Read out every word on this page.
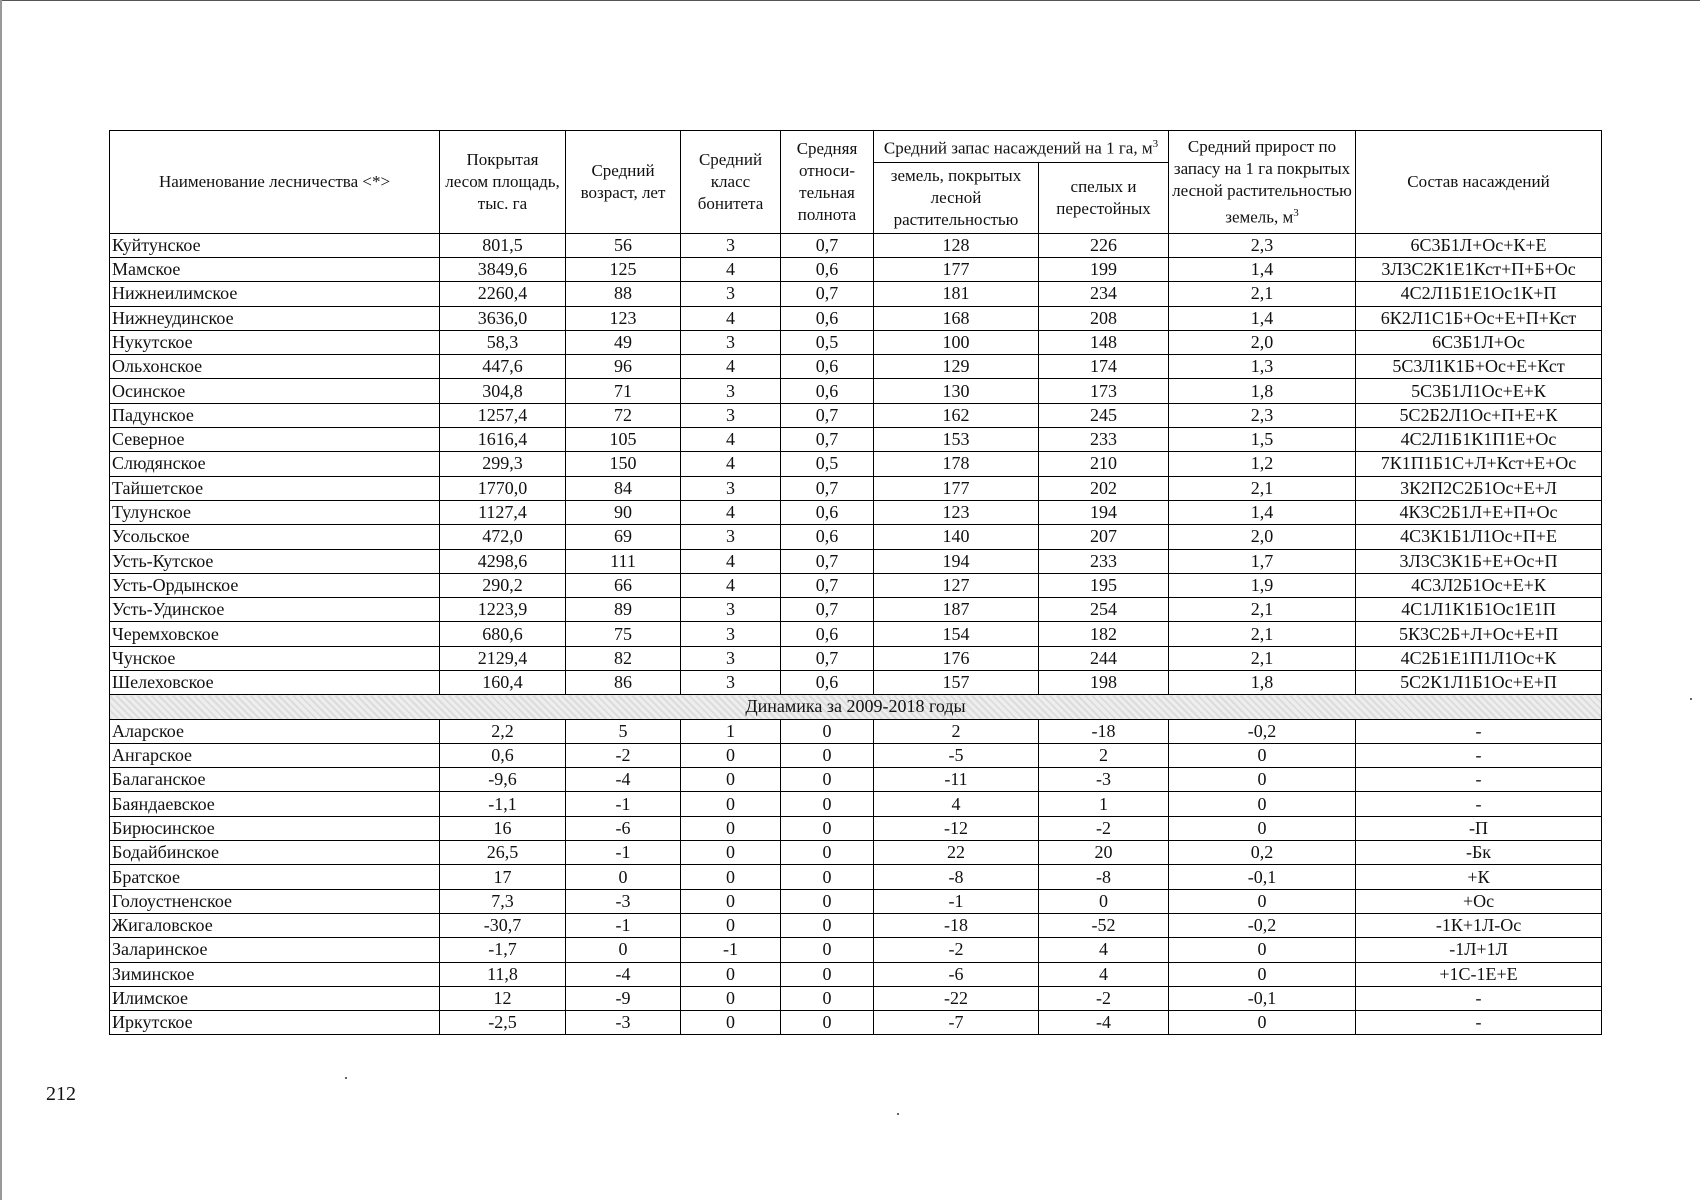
Наименование лесничества <*>	Покрытая лесом площадь, тыс. га	Средний возраст, лет	Средний класс бонитета	Средняя относи-тельная полнота	Средний запас насаждений на 1 га, $м^3$		Средний прирост по запасу на 1 га покрытых лесной растительностью земель, $м^3$	Состав насаждений
					земель, покрытых лесной растительностью	спелых и перестойных		
Куйтунское	801,5	56	3	0,7	128	226	2,3	6С3Б1Л+Ос+К+Е
Мамское	3849,6	125	4	0,6	177	199	1,4	3Л3С2К1Е1Кст+П+Б+Ос
Нижнеилимское	2260,4	88	3	0,7	181	234	2,1	4С2Л1Б1Е1Ос1К+П
Нижнеудинское	3636,0	123	4	0,6	168	208	1,4	6К2Л1С1Б+Ос+Е+П+Кст
Нукутское	58,3	49	3	0,5	100	148	2,0	6С3Б1Л+Ос
Ольхонское	447,6	96	4	0,6	129	174	1,3	5С3Л1К1Б+Ос+Е+Кст
Осинское	304,8	71	3	0,6	130	173	1,8	5С3Б1Л1Ос+Е+К
Падунское	1257,4	72	3	0,7	162	245	2,3	5С2Б2Л1Ос+П+Е+К
Северное	1616,4	105	4	0,7	153	233	1,5	4С2Л1Б1К1П1Е+Ос
Слюдянское	299,3	150	4	0,5	178	210	1,2	7К1П1Б1С+Л+Кст+Е+Ос
Тайшетское	1770,0	84	3	0,7	177	202	2,1	3К2П2С2Б1Ос+Е+Л
Тулунское	1127,4	90	4	0,6	123	194	1,4	4К3С2Б1Л+Е+П+Ос
Усольское	472,0	69	3	0,6	140	207	2,0	4С3К1Б1Л1Ос+П+Е
Усть-Кутское	4298,6	111	4	0,7	194	233	1,7	3Л3С3К1Б+Е+Ос+П
Усть-Ордынское	290,2	66	4	0,7	127	195	1,9	4С3Л2Б1Ос+Е+К
Усть-Удинское	1223,9	89	3	0,7	187	254	2,1	4С1Л1К1Б1Ос1Е1П
Черемховское	680,6	75	3	0,6	154	182	2,1	5К3С2Б+Л+Ос+Е+П
Чунское	2129,4	82	3	0,7	176	244	2,1	4С2Б1Е1П1Л1Ос+К
Шелеховское	160,4	86	3	0,6	157	198	1,8	5С2К1Л1Б1Ос+Е+П
Динамика за 2009-2018 годы								
Аларское	2,2	5	1	0	2	-18	-0,2	-
Ангарское	0,6	-2	0	0	-5	2	0	-
Балаганское	-9,6	-4	0	0	-11	-3	0	-
Баяндаевское	-1,1	-1	0	0	4	1	0	-
Бирюсинское	16	-6	0	0	-12	-2	0	-П
Бодайбинское	26,5	-1	0	0	22	20	0,2	-Бк
Братское	17	0	0	0	-8	-8	-0,1	+К
Голоустненское	7,3	-3	0	0	-1	0	0	+Ос
Жигаловское	-30,7	-1	0	0	-18	-52	-0,2	-1К+1Л-Ос
Заларинское	-1,7	0	-1	0	-2	4	0	-1Л+1Л
Зиминское	11,8	-4	0	0	-6	4	0	+1С-1Е+Е
Илимское	12	-9	0	0	-22	-2	-0,1	-
Иркутское	-2,5	-3	0	0	-7	-4	0	-
212
